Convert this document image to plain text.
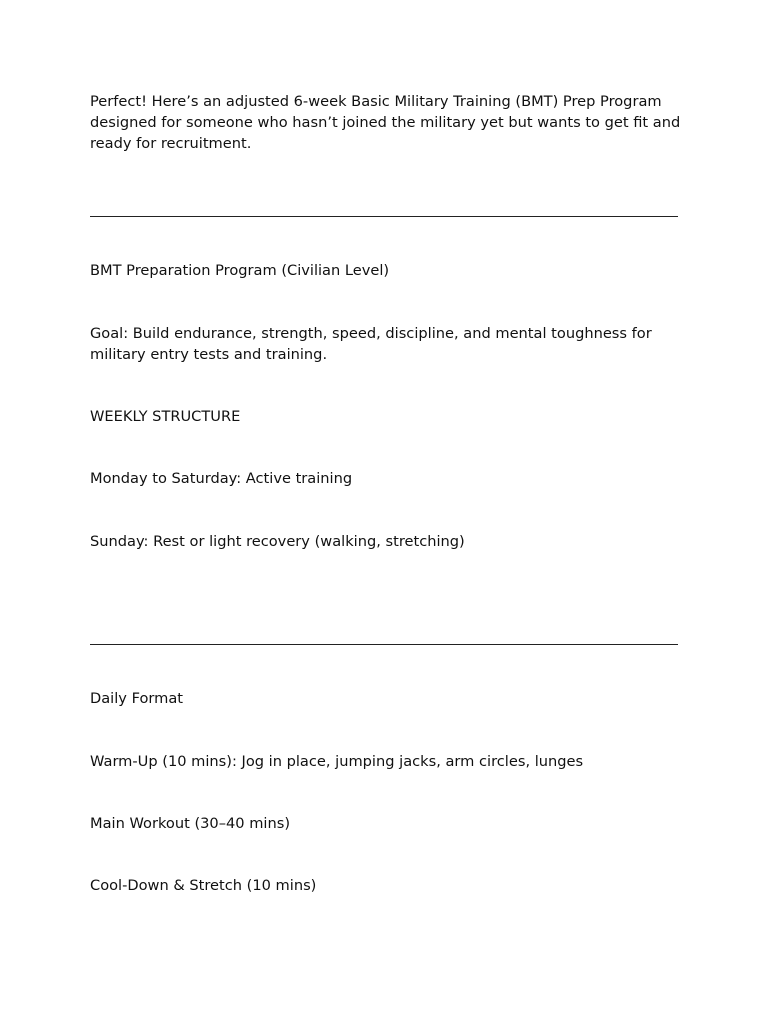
Perfect! Here’s an adjusted 6-week Basic Military Training (BMT) Prep Program designed for someone who hasn’t joined the military yet but wants to get fit and ready for recruitment.

BMT Preparation Program (Civilian Level)

Goal: Build endurance, strength, speed, discipline, and mental toughness for military entry tests and training.

WEEKLY STRUCTURE

Monday to Saturday: Active training

Sunday: Rest or light recovery (walking, stretching)

Daily Format

Warm-Up (10 mins): Jog in place, jumping jacks, arm circles, lunges

Main Workout (30–40 mins)

Cool-Down & Stretch (10 mins)
